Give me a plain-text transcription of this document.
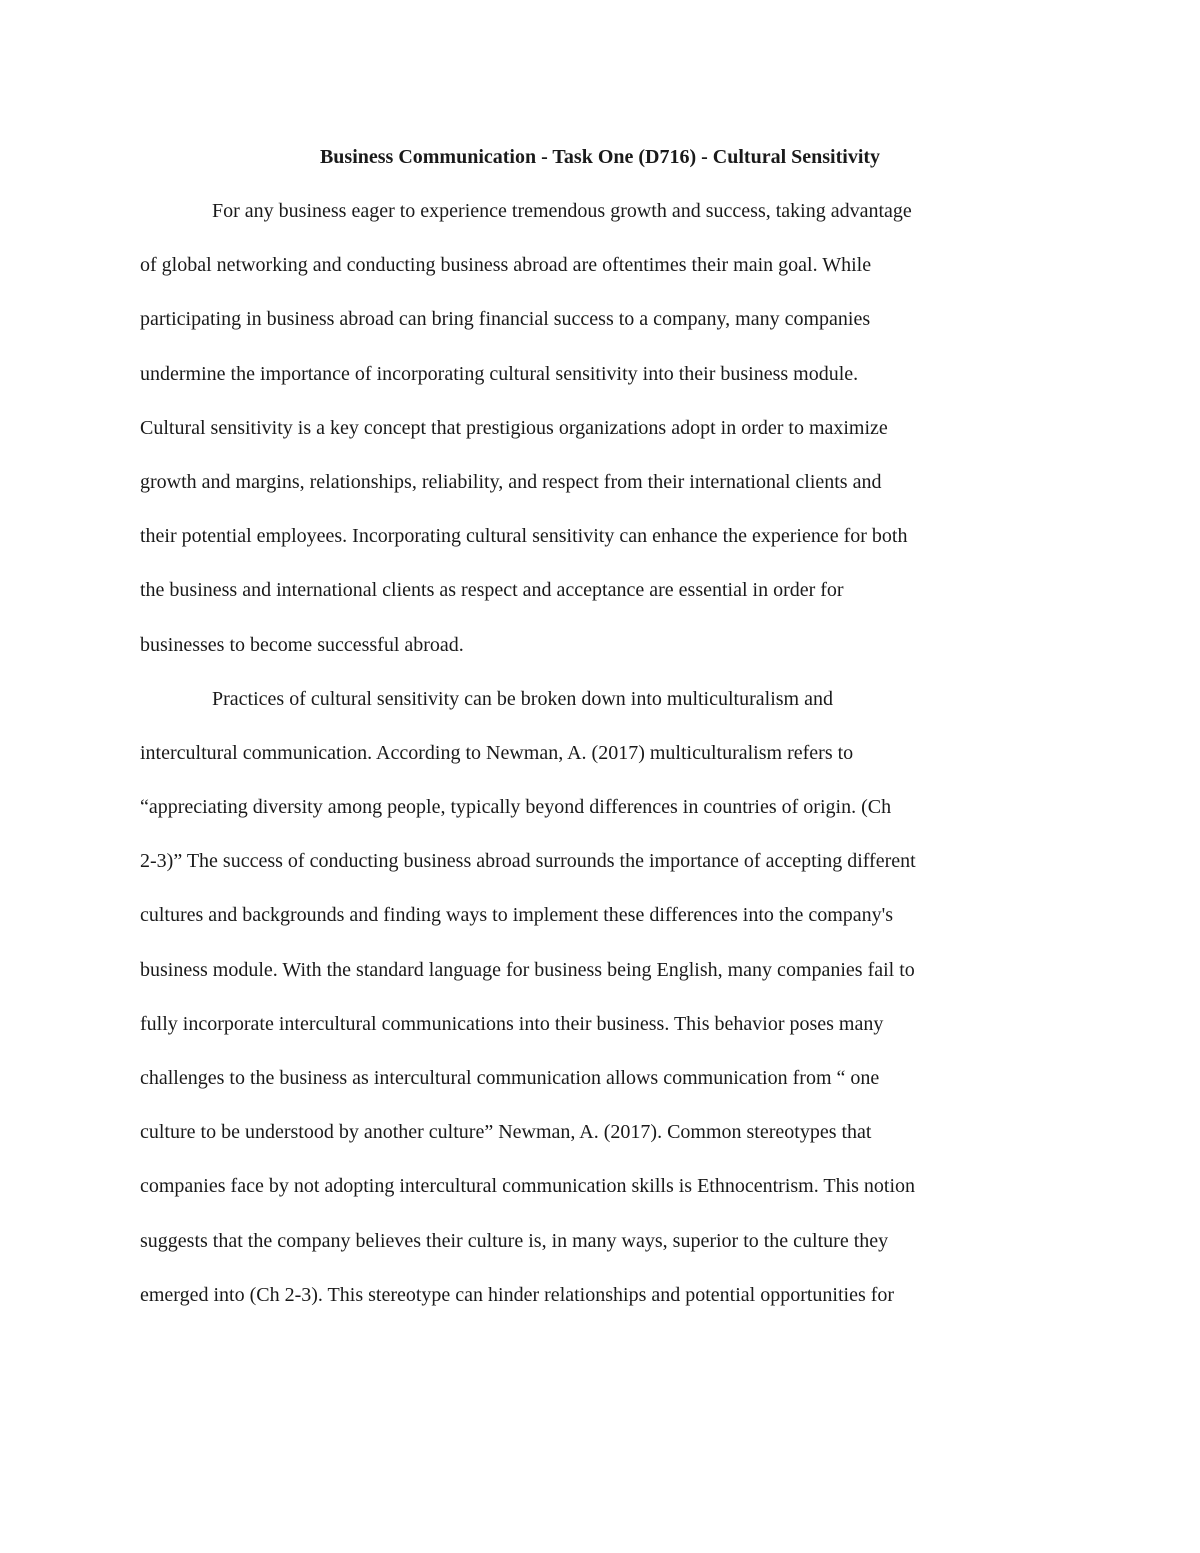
Business Communication - Task One (D716) - Cultural Sensitivity
For any business eager to experience tremendous growth and success, taking advantage
of global networking and conducting business abroad are oftentimes their main goal. While
participating in business abroad can bring financial success to a company, many companies
undermine the importance of incorporating cultural sensitivity into their business module.
Cultural sensitivity is a key concept that prestigious organizations adopt in order to maximize
growth and margins, relationships, reliability, and respect from their international clients and
their potential employees. Incorporating cultural sensitivity can enhance the experience for both
the business and international clients as respect and acceptance are essential in order for
businesses to become successful abroad.
Practices of cultural sensitivity can be broken down into multiculturalism and
intercultural communication. According to Newman, A. (2017) multiculturalism refers to
“appreciating diversity among people, typically beyond differences in countries of origin. (Ch
2-3)” The success of conducting business abroad surrounds the importance of accepting different
cultures and backgrounds and finding ways to implement these differences into the company's
business module. With the standard language for business being English, many companies fail to
fully incorporate intercultural communications into their business. This behavior poses many
challenges to the business as intercultural communication allows communication from “ one
culture to be understood by another culture” Newman, A. (2017). Common stereotypes that
companies face by not adopting intercultural communication skills is Ethnocentrism. This notion
suggests that the company believes their culture is, in many ways, superior to the culture they
emerged into (Ch 2-3). This stereotype can hinder relationships and potential opportunities for
